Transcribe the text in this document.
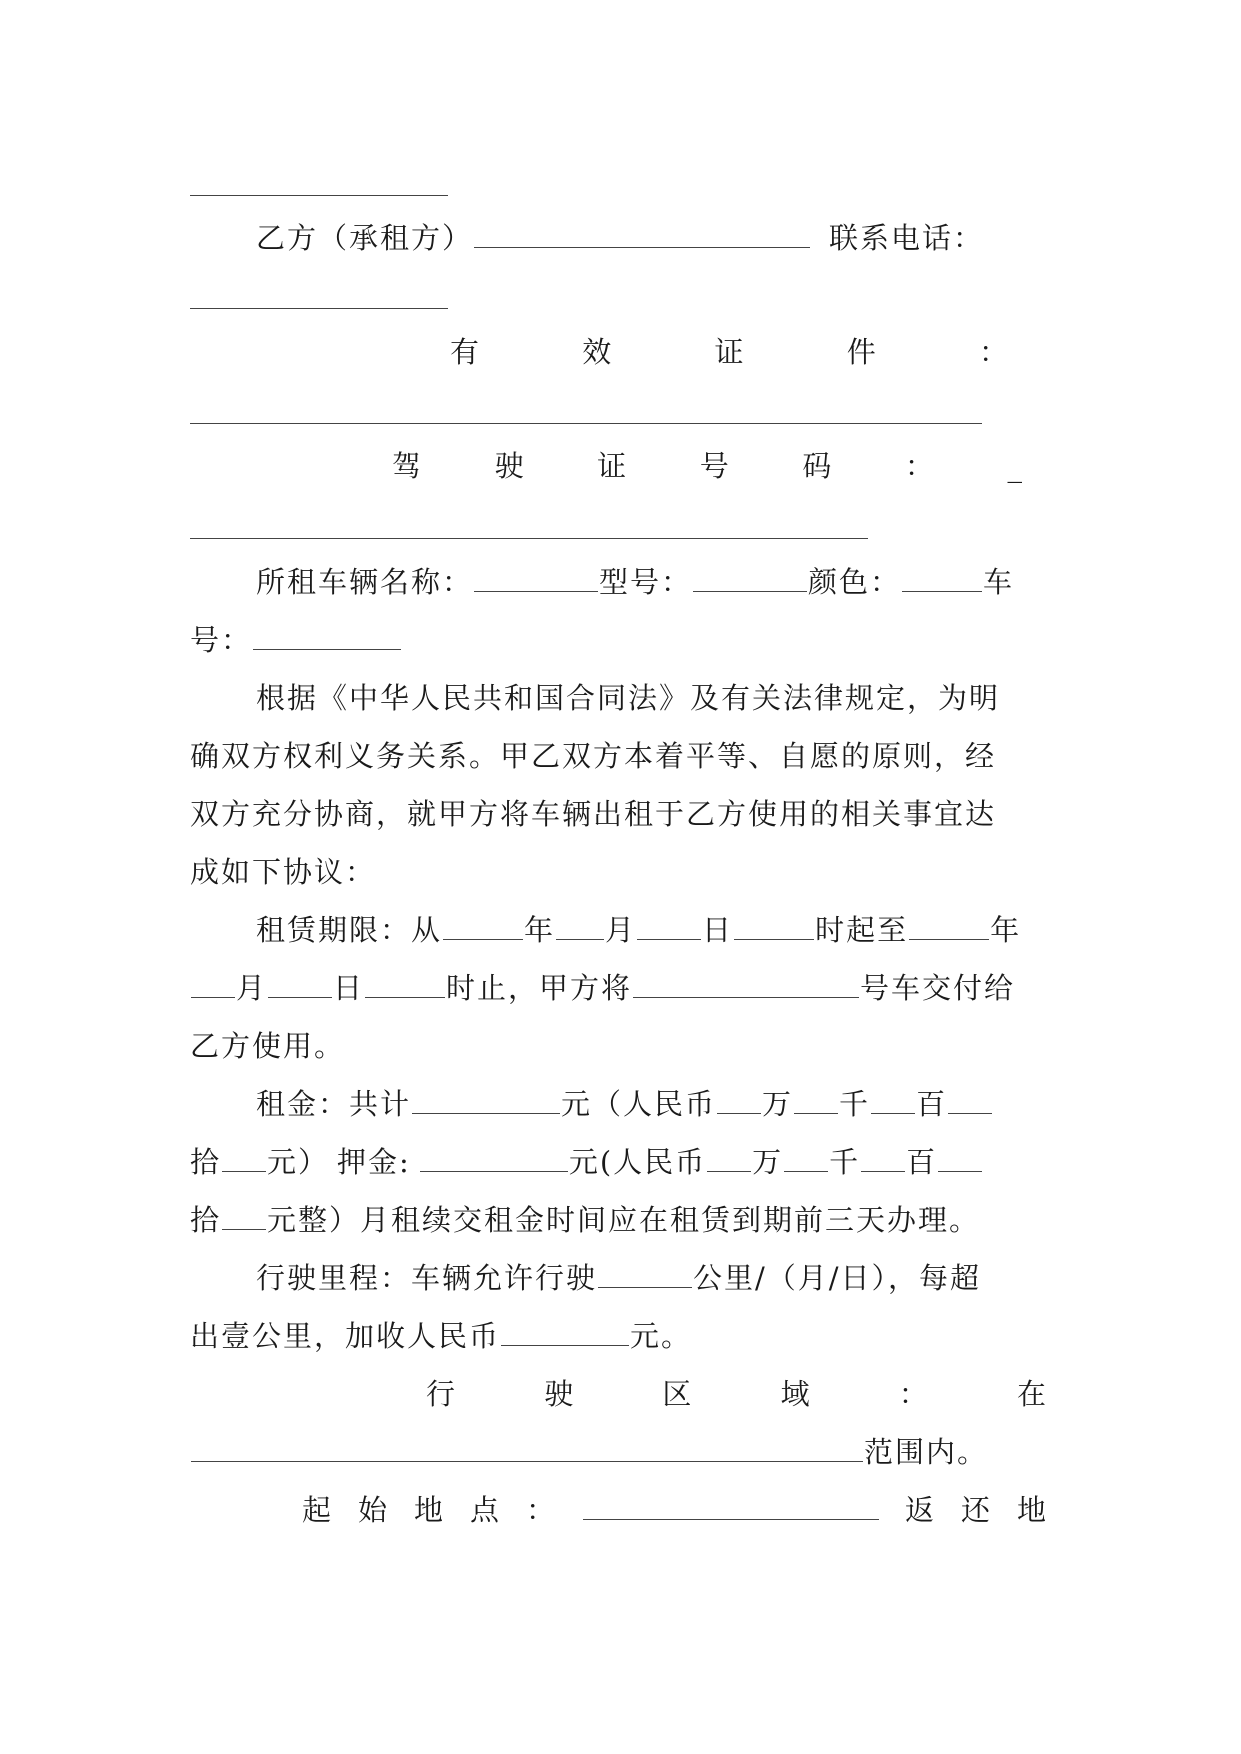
乙方（承租方）	联系电话：
有	效	证	件	：
驾 驶 证 号 码 ： _
所租车辆名称：	型号：	颜色：	车
号：
根据《中华人民共和国合同法》及有关法律规定，为明
确双方权利义务关系。甲乙双方本着平等、自愿的原则，经
双方充分协商，就甲方将车辆出租于乙方使用的相关事宜达
成如下协议：
租赁期限：从	年 月 日	时起至	年
月 日	时止，甲方将	号车交付给
乙方使用。
租金：共计	元（人民币 万 千 百
拾 元） 押金:	元(人民币 万 千 百
拾 元整）月租续交租金时间应在租赁到期前三天办理。
行驶里程：车辆允许行驶	公里/（月/日），每超
出壹公里，加收人民币	元。
行	驶	区	域	：	在
范围内。
起 始 地 点 ：	返 还 地
